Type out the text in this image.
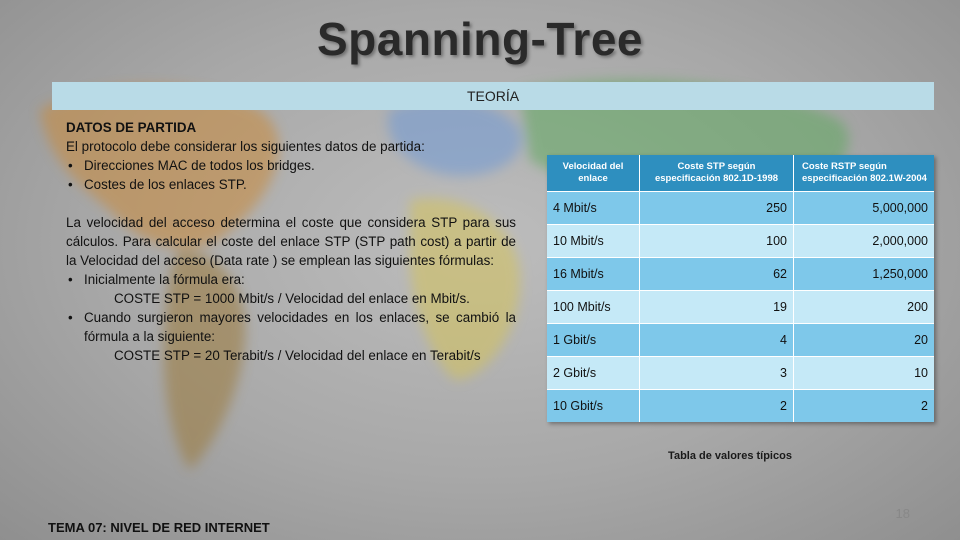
Spanning-Tree
TEORÍA
DATOS DE PARTIDA
El protocolo debe considerar los siguientes datos de partida:
• Direcciones MAC de todos los bridges.
• Costes de los enlaces STP.
La velocidad del acceso determina el coste que considera STP para sus cálculos. Para calcular el coste del enlace STP (STP path cost) a partir de la Velocidad del acceso (Data rate ) se emplean las siguientes fórmulas:
• Inicialmente la fórmula era:
COSTE STP = 1000 Mbit/s / Velocidad del enlace en Mbit/s.
• Cuando surgieron mayores velocidades en los enlaces, se cambió la fórmula a la siguiente:
COSTE STP = 20 Terabit/s / Velocidad del enlace en Terabit/s
Velocidad del enlace	Coste STP según especificación 802.1D-1998	Coste RSTP según especificación 802.1W-2004
4 Mbit/s	250	5,000,000
10 Mbit/s	100	2,000,000
16 Mbit/s	62	1,250,000
100 Mbit/s	19	200
1 Gbit/s	4	20
2 Gbit/s	3	10
10 Gbit/s	2	2
Tabla de valores típicos
TEMA 07: NIVEL DE RED INTERNET
18
